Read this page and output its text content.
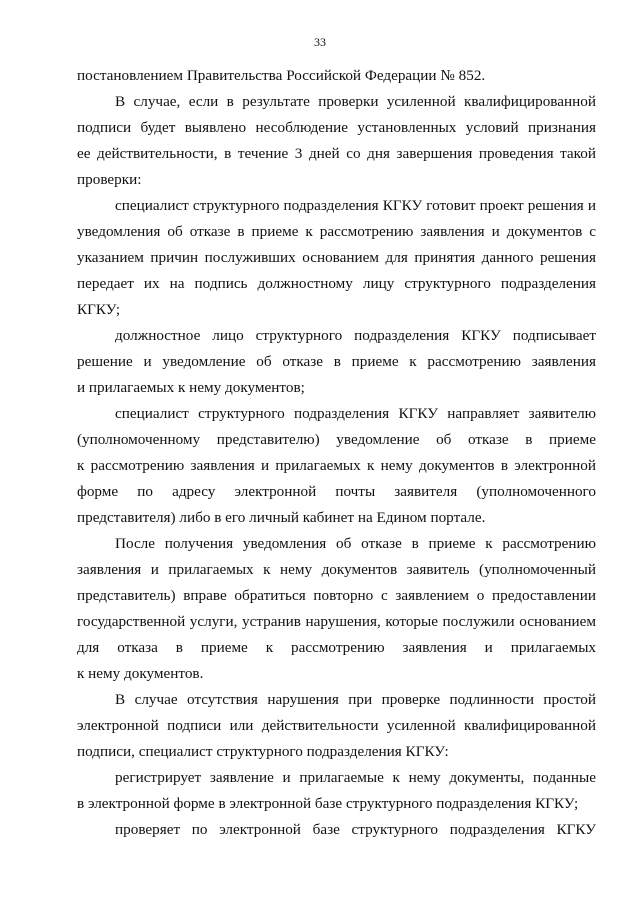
33
постановлением Правительства Российской Федерации № 852.
В случае, если в результате проверки усиленной квалифицированной
подписи будет выявлено несоблюдение установленных условий признания
ее действительности, в течение 3 дней со дня завершения проведения такой
проверки:
специалист структурного подразделения КГКУ готовит проект решения и
уведомления об отказе в приеме к рассмотрению заявления и документов с
указанием причин послуживших основанием для принятия данного решения
передает их на подпись должностному лицу структурного подразделения
КГКУ;
должностное лицо структурного подразделения КГКУ подписывает
решение и уведомление об отказе в приеме к рассмотрению заявления
и прилагаемых к нему документов;
специалист структурного подразделения КГКУ направляет заявителю
(уполномоченному представителю) уведомление об отказе в приеме
к рассмотрению заявления и прилагаемых к нему документов в электронной
форме по адресу электронной почты заявителя (уполномоченного
представителя) либо в его личный кабинет на Едином портале.
После получения уведомления об отказе в приеме к рассмотрению
заявления и прилагаемых к нему документов заявитель (уполномоченный
представитель) вправе обратиться повторно с заявлением о предоставлении
государственной услуги, устранив нарушения, которые послужили основанием
для отказа в приеме к рассмотрению заявления и прилагаемых
к нему документов.
В случае отсутствия нарушения при проверке подлинности простой
электронной подписи или действительности усиленной квалифицированной
подписи, специалист структурного подразделения КГКУ:
регистрирует заявление и прилагаемые к нему документы, поданные
в электронной форме в электронной базе структурного подразделения КГКУ;
проверяет по электронной базе структурного подразделения КГКУ
